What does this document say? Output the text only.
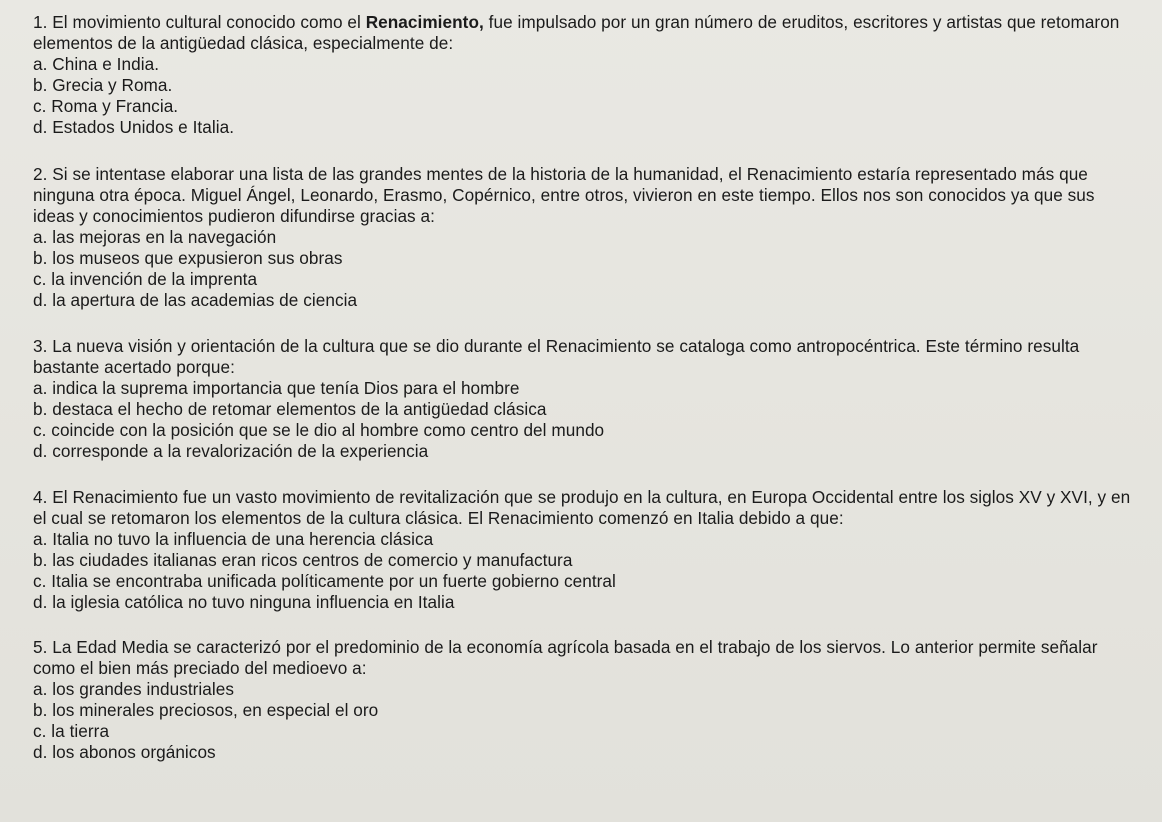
1. El movimiento cultural conocido como el Renacimiento, fue impulsado por un gran número de eruditos, escritores y artistas que retomaron elementos de la antigüedad clásica, especialmente de:

a. China e India.

b. Grecia y Roma.

c. Roma y Francia.

d. Estados Unidos e Italia.

2. Si se intentase elaborar una lista de las grandes mentes de la historia de la humanidad, el Renacimiento estaría representado más que ninguna otra época. Miguel Ángel, Leonardo, Erasmo, Copérnico, entre otros, vivieron en este tiempo. Ellos nos son conocidos ya que sus ideas y conocimientos pudieron difundirse gracias a:

a. las mejoras en la navegación

b. los museos que expusieron sus obras

c. la invención de la imprenta

d. la apertura de las academias de ciencia

3. La nueva visión y orientación de la cultura que se dio durante el Renacimiento se cataloga como antropocéntrica. Este término resulta bastante acertado porque:

a. indica la suprema importancia que tenía Dios para el hombre

b. destaca el hecho de retomar elementos de la antigüedad clásica

c. coincide con la posición que se le dio al hombre como centro del mundo

d. corresponde a la revalorización de la experiencia

4. El Renacimiento fue un vasto movimiento de revitalización que se produjo en la cultura, en Europa Occidental entre los siglos XV y XVI, y en el cual se retomaron los elementos de la cultura clásica. El Renacimiento comenzó en Italia debido a que:

a. Italia no tuvo la influencia de una herencia clásica

b. las ciudades italianas eran ricos centros de comercio y manufactura

c. Italia se encontraba unificada políticamente por un fuerte gobierno central

d. la iglesia católica no tuvo ninguna influencia en Italia

5. La Edad Media se caracterizó por el predominio de la economía agrícola basada en el trabajo de los siervos. Lo anterior permite señalar como el bien más preciado del medioevo a:

a. los grandes industriales

b. los minerales preciosos, en especial el oro

c. la tierra

d. los abonos orgánicos
